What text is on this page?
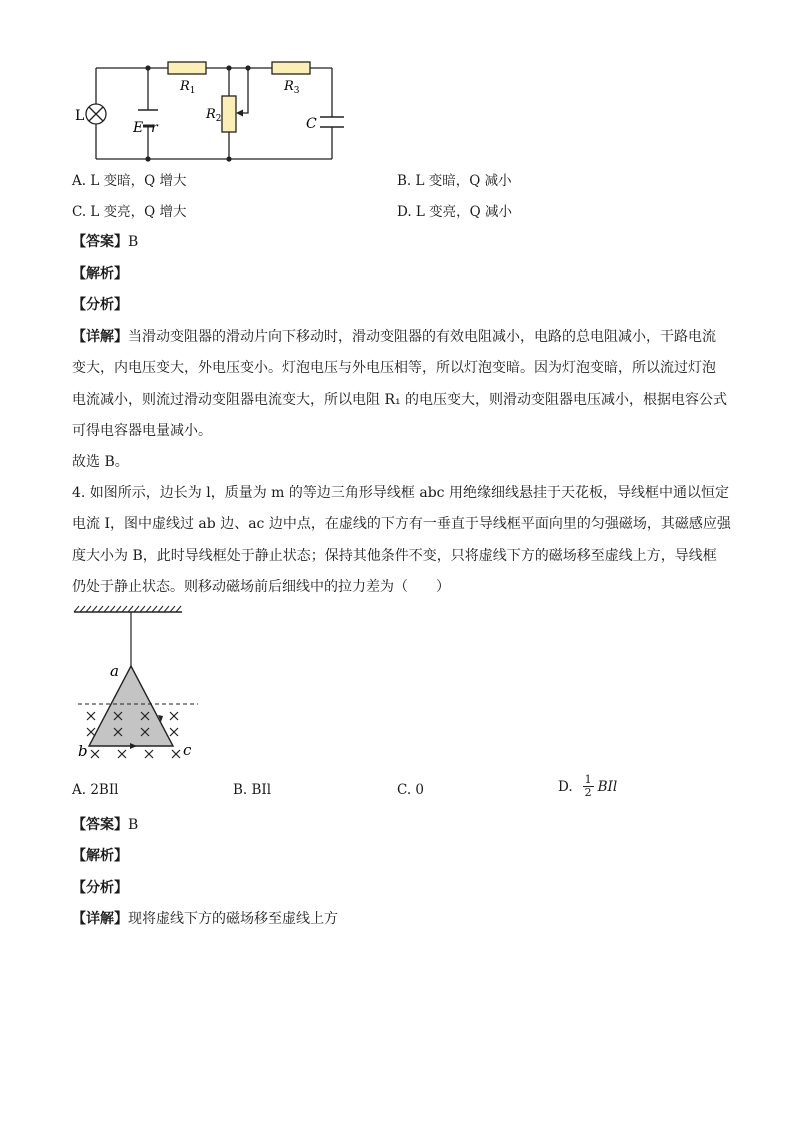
L
E r
$R_1$
$R_2$
$R_3$
C
A. L 变暗，Q 增大	B. L 变暗，Q 减小
C. L 变亮，Q 增大	D. L 变亮，Q 减小
【答案】B
【解析】
【分析】
【详解】当滑动变阻器的滑动片向下移动时，滑动变阻器的有效电阻减小，电路的总电阻减小，干路电流
变大，内电压变大，外电压变小。灯泡电压与外电压相等，所以灯泡变暗。因为灯泡变暗，所以流过灯泡
电流减小，则流过滑动变阻器电流变大，所以电阻 R₁ 的电压变大，则滑动变阻器电压减小，根据电容公式
可得电容器电量减小。
故选 B。
4. 如图所示，边长为 l，质量为 m 的等边三角形导线框 abc 用绝缘细线悬挂于天花板，导线框中通以恒定
电流 I，图中虚线过 ab 边、ac 边中点，在虚线的下方有一垂直于导线框平面向里的匀强磁场，其磁感应强
度大小为 B，此时导线框处于静止状态；保持其他条件不变，只将虚线下方的磁场移至虚线上方，导线框
仍处于静止状态。则移动磁场前后细线中的拉力差为（　　）
a
b	c
A. 2BIl	B. BIl	C. 0	D. 1
2 BIl
【答案】B
【解析】
【分析】
【详解】现将虚线下方的磁场移至虚线上方
